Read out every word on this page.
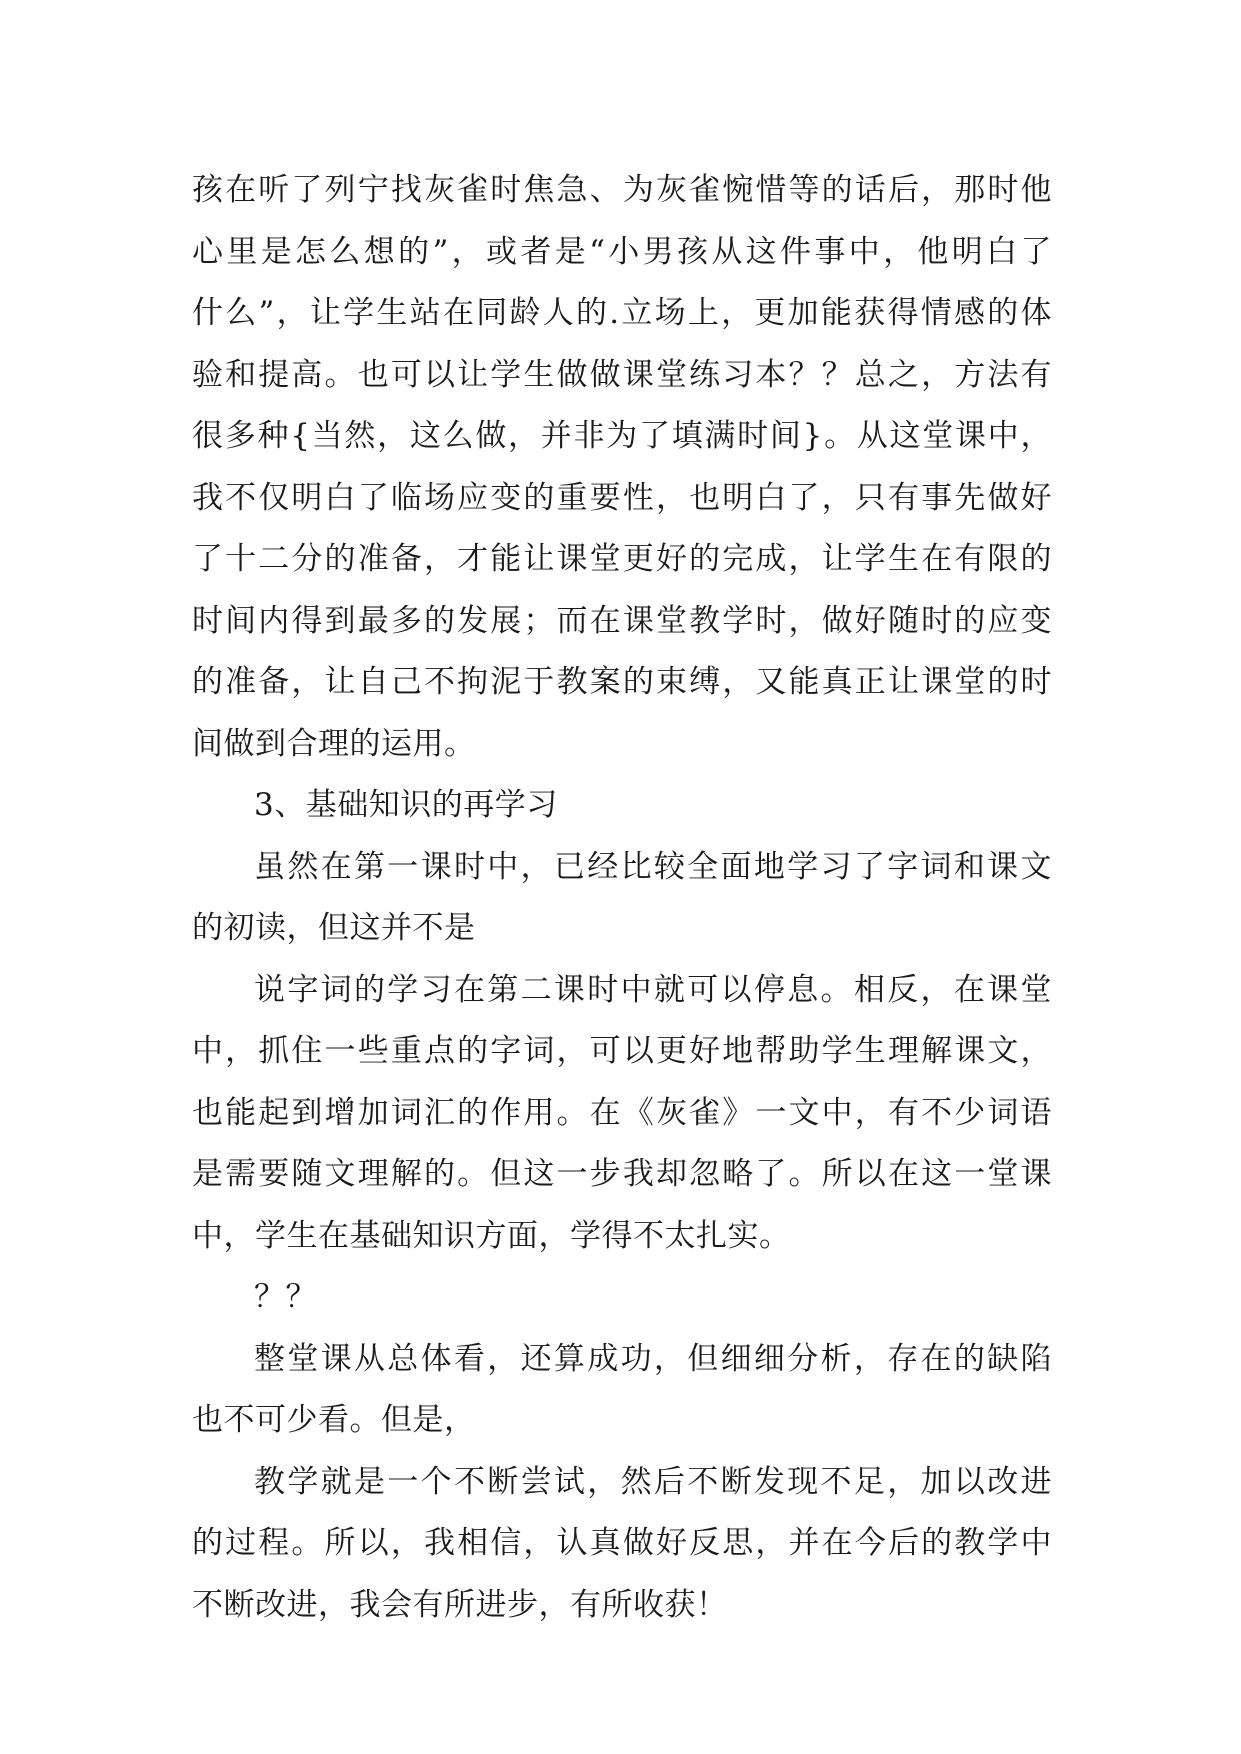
孩在听了列宁找灰雀时焦急、为灰雀惋惜等的话后，那时他
心里是怎么想的”，或者是“小男孩从这件事中，他明白了
什么”，让学生站在同龄人的.立场上，更加能获得情感的体
验和提高。也可以让学生做做课堂练习本？？总之，方法有
很多种{当然，这么做，并非为了填满时间}。从这堂课中，
我不仅明白了临场应变的重要性，也明白了，只有事先做好
了十二分的准备，才能让课堂更好的完成，让学生在有限的
时间内得到最多的发展；而在课堂教学时，做好随时的应变
的准备，让自己不拘泥于教案的束缚，又能真正让课堂的时
间做到合理的运用。
3、基础知识的再学习
虽然在第一课时中，已经比较全面地学习了字词和课文
的初读，但这并不是
说字词的学习在第二课时中就可以停息。相反，在课堂
中，抓住一些重点的字词，可以更好地帮助学生理解课文，
也能起到增加词汇的作用。在《灰雀》一文中，有不少词语
是需要随文理解的。但这一步我却忽略了。所以在这一堂课
中，学生在基础知识方面，学得不太扎实。
？？
整堂课从总体看，还算成功，但细细分析，存在的缺陷
也不可少看。但是，
教学就是一个不断尝试，然后不断发现不足，加以改进
的过程。所以，我相信，认真做好反思，并在今后的教学中
不断改进，我会有所进步，有所收获！
